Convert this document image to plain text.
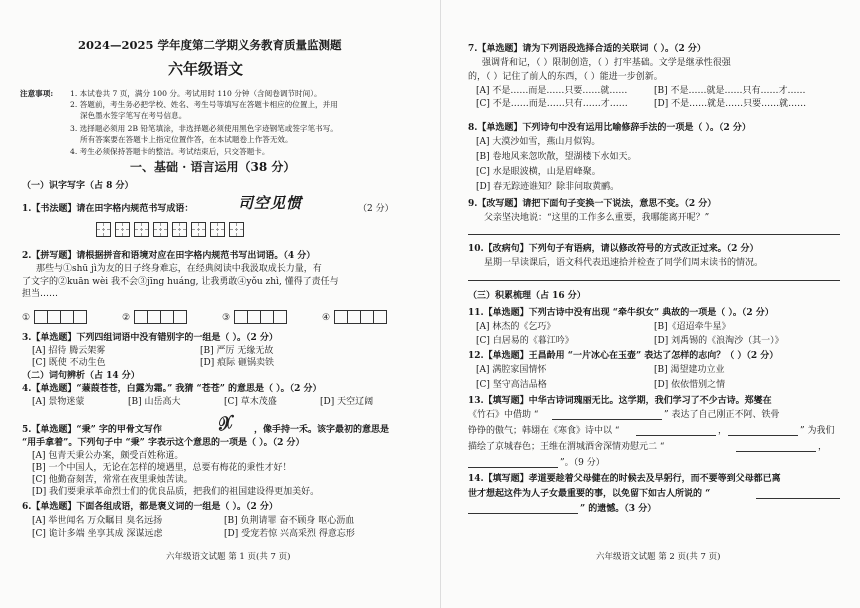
2024—2025 学年度第二学期义务教育质量监测题
六年级语文
注意事项: 1. 本试卷共 7 页，满分 100 分。考试用时 110 分钟（含阅卷调节时间）。
2. 答题前，考生务必把学校、姓名、考生号等填写在答题卡相应的位置上，并用
深色墨水签字笔写在考号信息。
3. 选择题必须用 2B 铅笔填涂，非选择题必须使用黑色字迹钢笔或签字笔书写。
所有答案要在答题卡上指定位置作答，在本试题卷上作答无效。
4. 考生必须保持答题卡的整洁。考试结束后，只交答题卡。
一、基础 · 语言运用（38 分）
（一）识字写字（占 8 分）
1.【书法题】请在田字格内规范书写成语：	司空见惯	（2 分）
2.【拼写题】请根据拼音和语境对应在田字格内规范书写出词语。（4 分）
那些与①shū jì为友的日子终身难忘，在经典阅读中我汲取成长力量，有
了文字的②kuān wèi 我不会③jīng huáng, 让我勇敢④yǒu zhì, 懂得了责任与
担当……
①	②	③	④
3.【单选题】下列四组词语中没有错别字的一组是（ ）。（2 分）
[A] 招待 腾云架雾	[B] 严厉 无缘无故
[C] 既使 不动生色	[D] 痕际 砸锅卖铁
（二）词句辨析（占 14 分）
4.【单选题】“蒹葭苍苍，白露为霜。” 我猜 “苍苍” 的意思是（ ）。（2 分）
[A] 景物迷蒙	[B] 山岳高大	[C] 草木茂盛	[D] 天空辽阔
5.【单选题】“秉” 字的甲骨文写作	𝒳 ，像手持一禾。该字最初的意思是
“用手拿着”。下列句子中 “秉” 字表示这个意思的一项是（ ）。（2 分）
[A] 包青天秉公办案，颇受百姓称道。
[B] 一个中国人，无论在怎样的境遇里，总要有梅花的秉性才好！
[C] 他勤奋刻苦，常常在夜里秉烛苦读。
[D] 我们要秉承革命烈士们的优良品质，把我们的祖国建设得更加美好。
6.【单选题】下面各组成语，都是褒义词的一组是（ ）。（2 分）
[A] 举世闻名 万众瞩目 臭名远扬	[B] 负荆请罪 奋不顾身 呕心沥血
[C] 诡计多端 坐享其成 深谋远虑	[D] 受宠若惊 兴高采烈 得意忘形
六年级语文试题 第 1 页(共 7 页)
7.【单选题】请为下列语段选择合适的关联词（ ）。（2 分）
强调背和记，（ ）限制创造，（ ）打牢基础。文学是继承性很强
的，（ ）记住了前人的东西，（ ）能进一步创新。
[A] 不是……而是……只要……就……	[B] 不是……就是……只有……才……
[C] 不是……而是……只有……才……	[D] 不是……就是……只要……就……
8.【单选题】下列诗句中没有运用比喻修辞手法的一项是（ ）。（2 分）
[A] 大漠沙如雪，燕山月似钩。
[B] 卷地风来忽吹散，望湖楼下水如天。
[C] 水是眼波横，山是眉峰聚。
[D] 春无踪迹谁知？除非问取黄鹂。
9.【改写题】请把下面句子变换一下说法，意思不变。（2 分）
父亲坚决地说：“这里的工作多么重要，我哪能离开呢？”
10.【改病句】下列句子有语病，请以修改符号的方式改正过来。（2 分）
星期一早读课后，语文科代表迅速拾并检查了同学们周末读书的情况。
（三）积累梳理（占 16 分）
11.【单选题】下列古诗中没有出现 “牵牛织女” 典故的一项是（ ）。（2 分）
[A] 林杰的《乞巧》	[B]《迢迢牵牛星》
[C] 白居易的《暮江吟》	[D] 刘禹锡的《浪淘沙（其一）》
12.【单选题】王昌龄用 “一片冰心在玉壶” 表达了怎样的志向？（ ）（2 分）
[A] 满腔家国情怀	[B] 渴望建功立业
[C] 坚守高洁品格	[D] 依依惜别之情
13.【填写题】中华古诗词瑰丽无比。这学期，我们学习了不少古诗。郑燮在
《竹石》中借助 “	” 表达了自己刚正不阿、铁骨
铮铮的傲气；韩翃在《寒食》诗中以 “	，	” 为我们
描绘了京城春色；王维在渭城酒舍深情劝慰元二 “	，
”。（9 分）
14.【填写题】孝道要趁着父母健在的时候去及早躬行，而不要等到父母都已离
世才想起这件为人子女最重要的事，以免留下如古人所说的 “
” 的遗憾。（3 分）
六年级语文试题 第 2 页(共 7 页)
